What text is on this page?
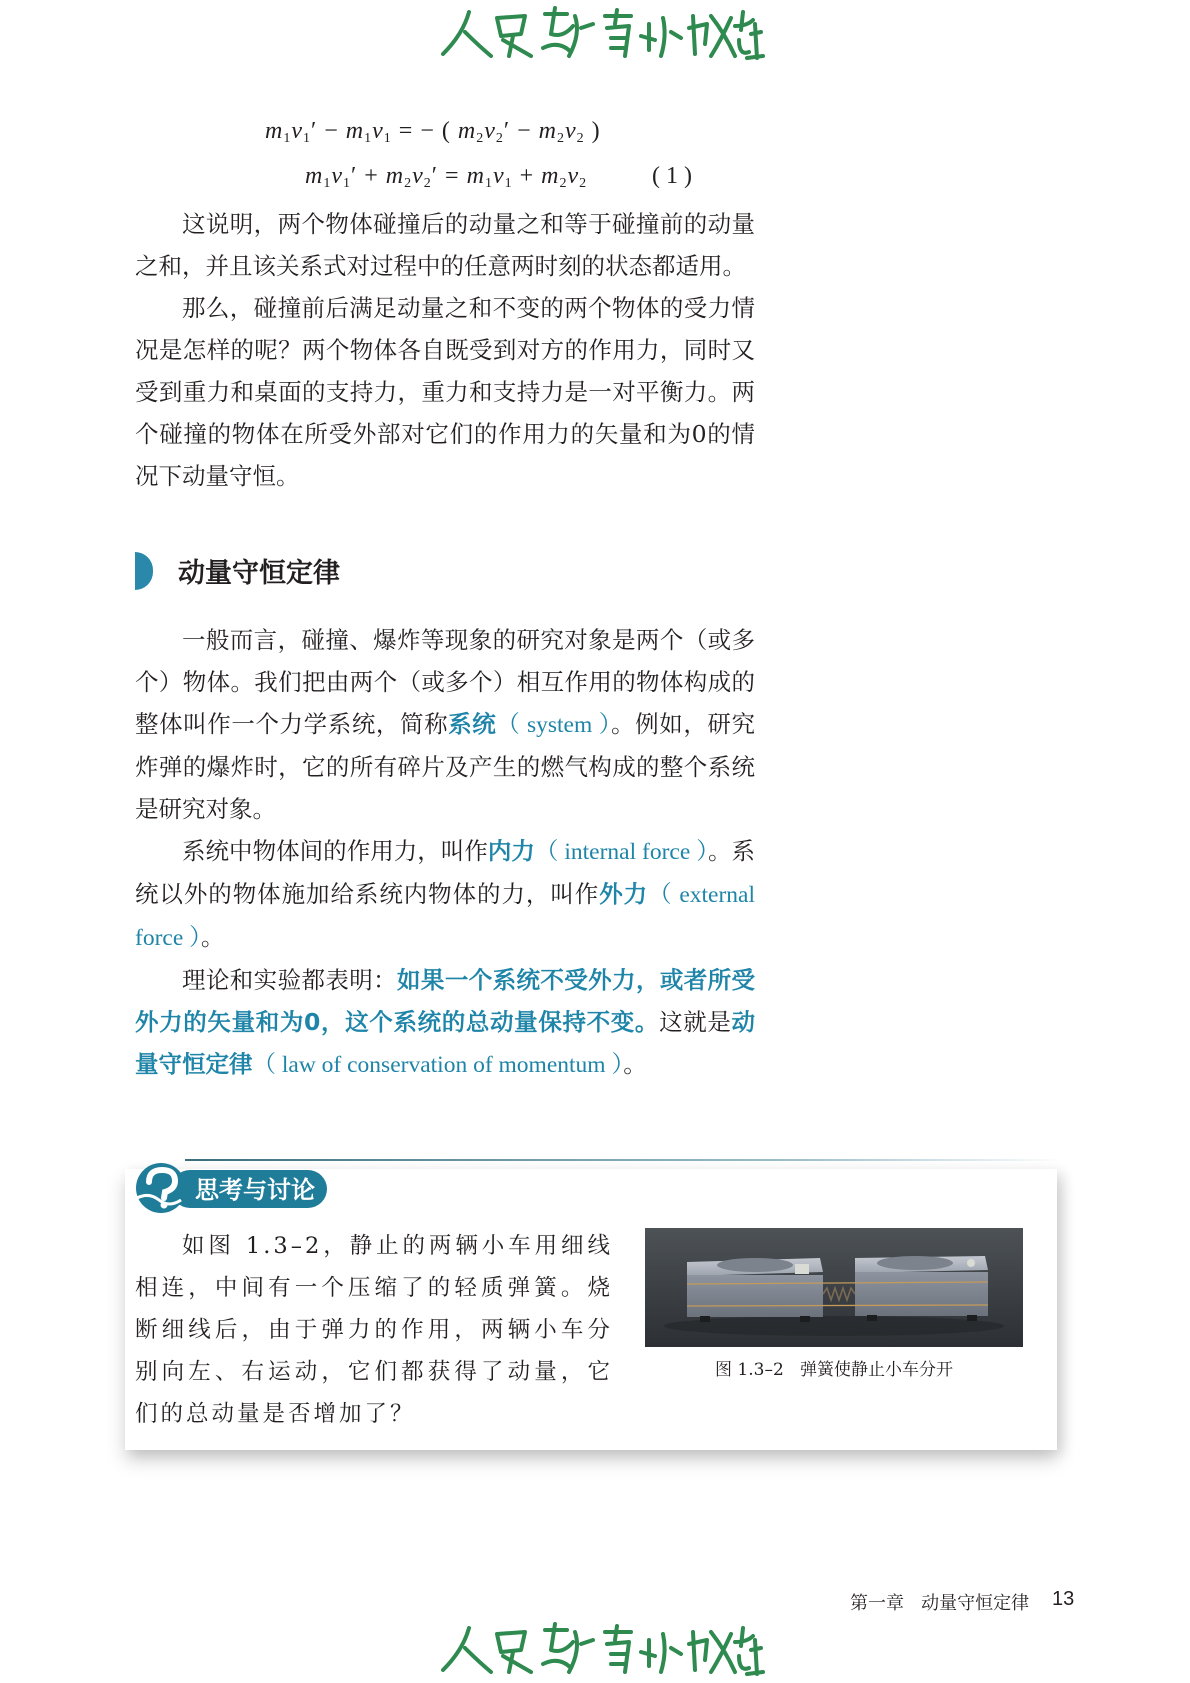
$m_1v_1' - m_1v_1$ = − ( $m_2v_2' - m_2v_2$ )
$m_1v_1' + m_2v_2' = m_1v_1 + m_2v_2$	( 1 )

这说明，两个物体碰撞后的动量之和等于碰撞前的动量之和，并且该关系式对过程中的任意两时刻的状态都适用。

那么，碰撞前后满足动量之和不变的两个物体的受力情况是怎样的呢？两个物体各自既受到对方的作用力，同时又受到重力和桌面的支持力，重力和支持力是一对平衡力。两个碰撞的物体在所受外部对它们的作用力的矢量和为0的情况下动量守恒。

动量守恒定律

一般而言，碰撞、爆炸等现象的研究对象是两个（或多个）物体。我们把由两个（或多个）相互作用的物体构成的整体叫作一个力学系统，简称系统（ system ）。例如，研究炸弹的爆炸时，它的所有碎片及产生的燃气构成的整个系统是研究对象。

系统中物体间的作用力，叫作内力（ internal force ）。系统以外的物体施加给系统内物体的力，叫作外力（ external force ）。

理论和实验都表明：如果一个系统不受外力，或者所受外力的矢量和为0，这个系统的总动量保持不变。这就是动量守恒定律（ law of conservation of momentum ）。

思考与讨论

如图 1.3–2，静止的两辆小车用细线相连，中间有一个压缩了的轻质弹簧。烧断细线后，由于弹力的作用，两辆小车分别向左、右运动，它们都获得了动量，它们的总动量是否增加了？

图 1.3–2   弹簧使静止小车分开
第一章   动量守恒定律 13
